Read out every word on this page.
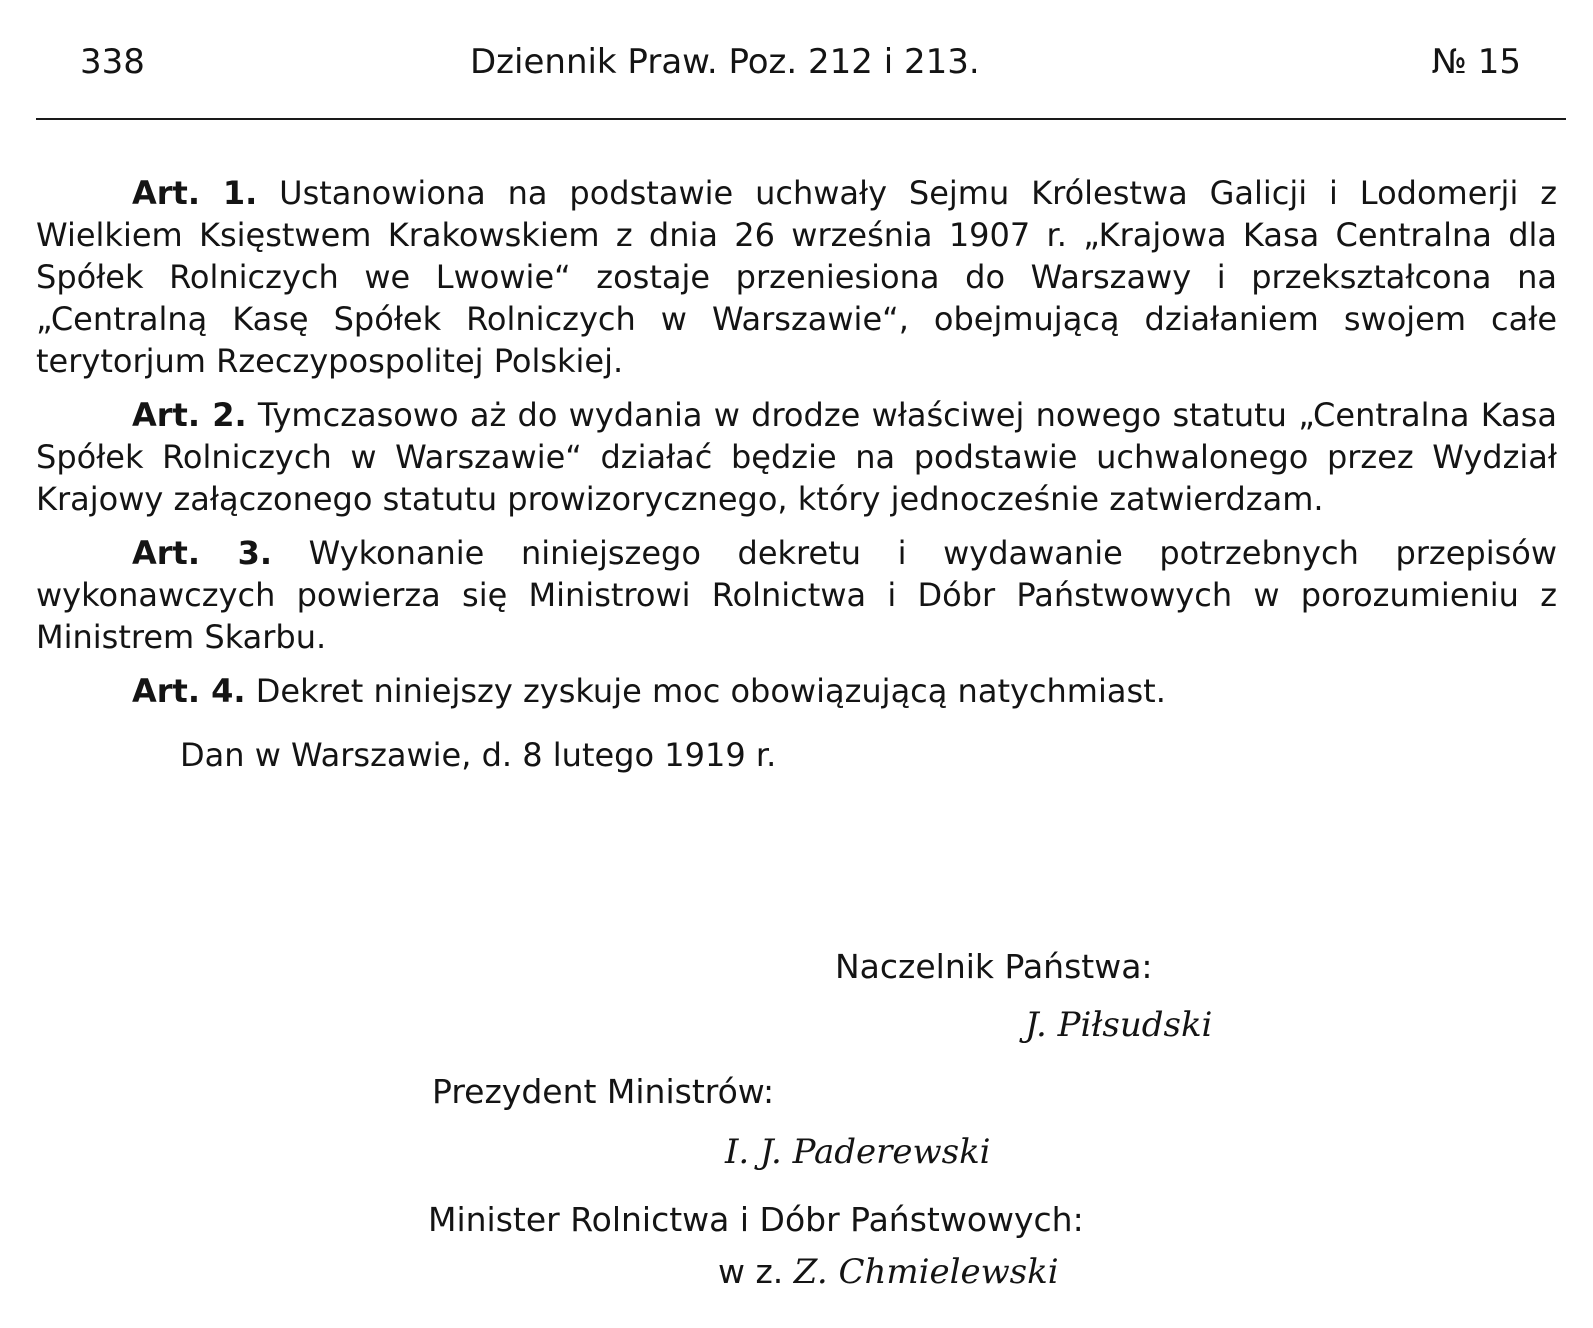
338	Dziennik Praw. Poz. 212 i 213.	№ 15

Art. 1. Ustanowiona na podstawie uchwały Sejmu Królestwa Galicji i Lodomerji z Wielkiem Księstwem Krakowskiem z dnia 26 września 1907 r. „Krajowa Kasa Centralna dla Spółek Rolniczych we Lwowie“ zostaje przeniesiona do Warszawy i przekształcona na „Centralną Kasę Spółek Rolniczych w Warszawie“, obejmującą działaniem swojem całe terytorjum Rzeczypospolitej Polskiej.

Art. 2. Tymczasowo aż do wydania w drodze właściwej nowego statutu „Centralna Kasa Spółek Rolniczych w Warszawie“ działać będzie na podstawie uchwalonego przez Wydział Krajowy załączonego statutu prowizorycznego, który jednocześnie zatwierdzam.

Art. 3. Wykonanie niniejszego dekretu i wydawanie potrzebnych przepisów wykonawczych powierza się Ministrowi Rolnictwa i Dóbr Państwowych w porozumieniu z Ministrem Skarbu.

Art. 4. Dekret niniejszy zyskuje moc obowiązującą natychmiast.

Dan w Warszawie, d. 8 lutego 1919 r.

Naczelnik Państwa:
J. Piłsudski
Prezydent Ministrów:
I. J. Paderewski
Minister Rolnictwa i Dóbr Państwowych:
w z. Z. Chmielewski
